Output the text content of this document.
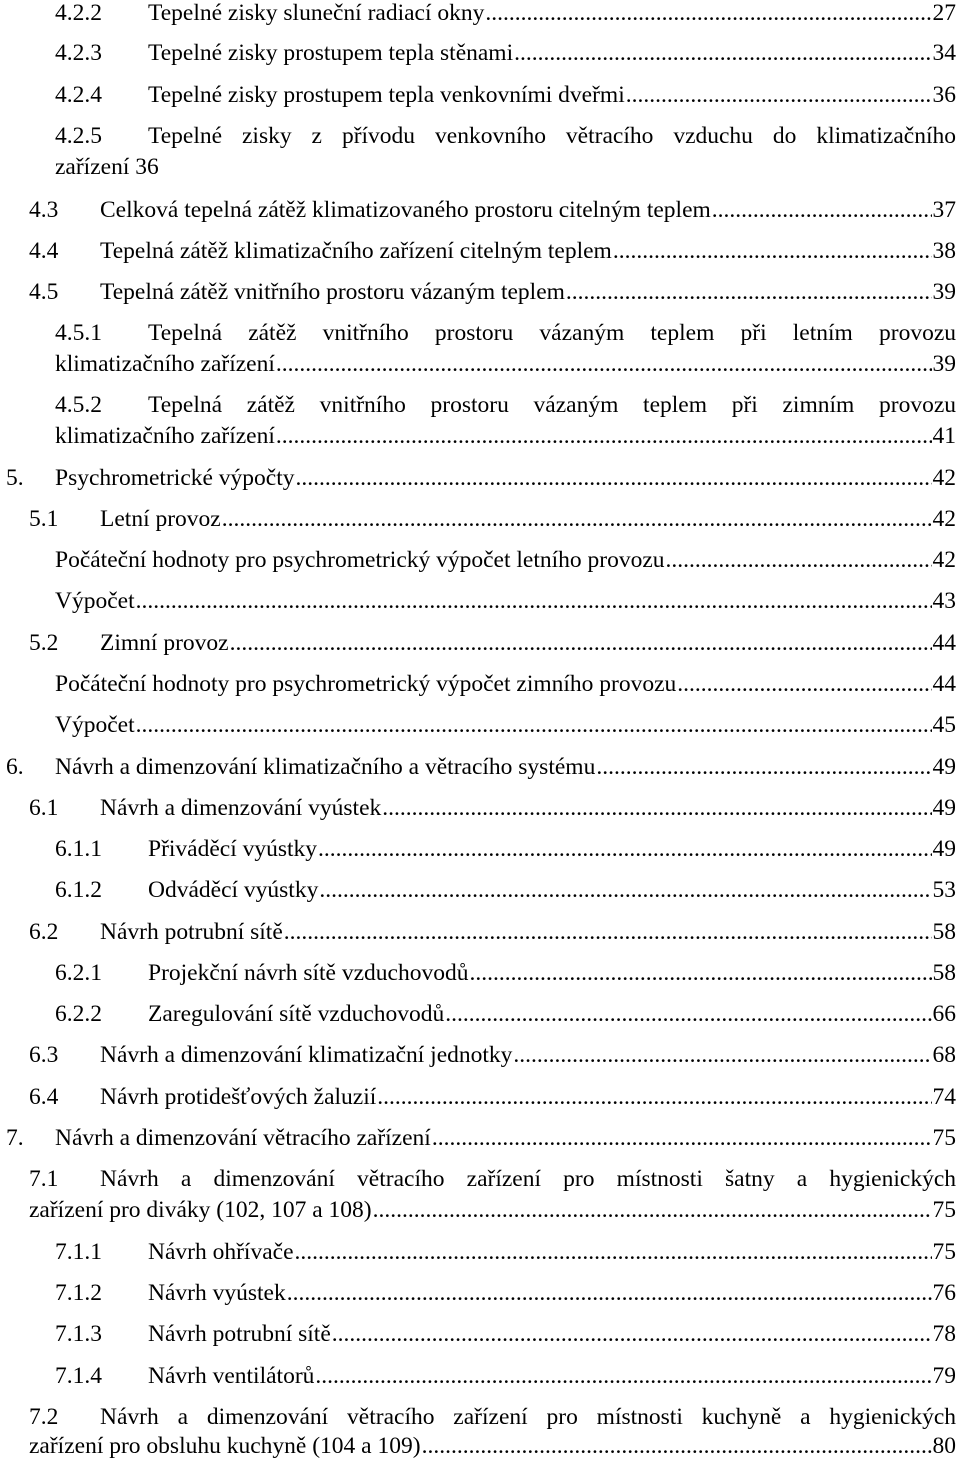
4.2.2	Tepelné zisky sluneční radiací okny .....	27
4.2.3	Tepelné zisky prostupem tepla stěnami .....	34
4.2.4	Tepelné zisky prostupem tepla venkovními dveřmi .....	36
4.2.5	Tepelné zisky z přívodu venkovního větracího vzduchu do klimatizačního
zařízení 36
4.3	Celková tepelná zátěž klimatizovaného prostoru citelným teplem .....	37
4.4	Tepelná zátěž klimatizačního zařízení citelným teplem .....	38
4.5	Tepelná zátěž vnitřního prostoru vázaným teplem .....	39
4.5.1	Tepelná zátěž vnitřního prostoru vázaným teplem při letním provozu
klimatizačního zařízení .....	39
4.5.2	Tepelná zátěž vnitřního prostoru vázaným teplem při zimním provozu
klimatizačního zařízení .....	41
5.	Psychrometrické výpočty .....	42
5.1	Letní provoz .....	42
Počáteční hodnoty pro psychrometrický výpočet letního provozu .....	42
Výpočet .....	43
5.2	Zimní provoz .....	44
Počáteční hodnoty pro psychrometrický výpočet zimního provozu .....	44
Výpočet .....	45
6.	Návrh a dimenzování klimatizačního a větracího systému .....	49
6.1	Návrh a dimenzování vyústek .....	49
6.1.1	Přiváděcí vyústky .....	49
6.1.2	Odváděcí vyústky .....	53
6.2	Návrh potrubní sítě .....	58
6.2.1	Projekční návrh sítě vzduchovodů .....	58
6.2.2	Zaregulování sítě vzduchovodů .....	66
6.3	Návrh a dimenzování klimatizační jednotky .....	68
6.4	Návrh protidešťových žaluzií .....	74
7.	Návrh a dimenzování větracího zařízení .....	75
7.1	Návrh a dimenzování větracího zařízení pro místnosti šatny a hygienických
zařízení pro diváky (102, 107 a 108) .....	75
7.1.1	Návrh ohřívače .....	75
7.1.2	Návrh vyústek .....	76
7.1.3	Návrh potrubní sítě .....	78
7.1.4	Návrh ventilátorů .....	79
7.2	Návrh a dimenzování větracího zařízení pro místnosti kuchyně a hygienických
zařízení pro obsluhu kuchyně (104 a 109) .....	80
